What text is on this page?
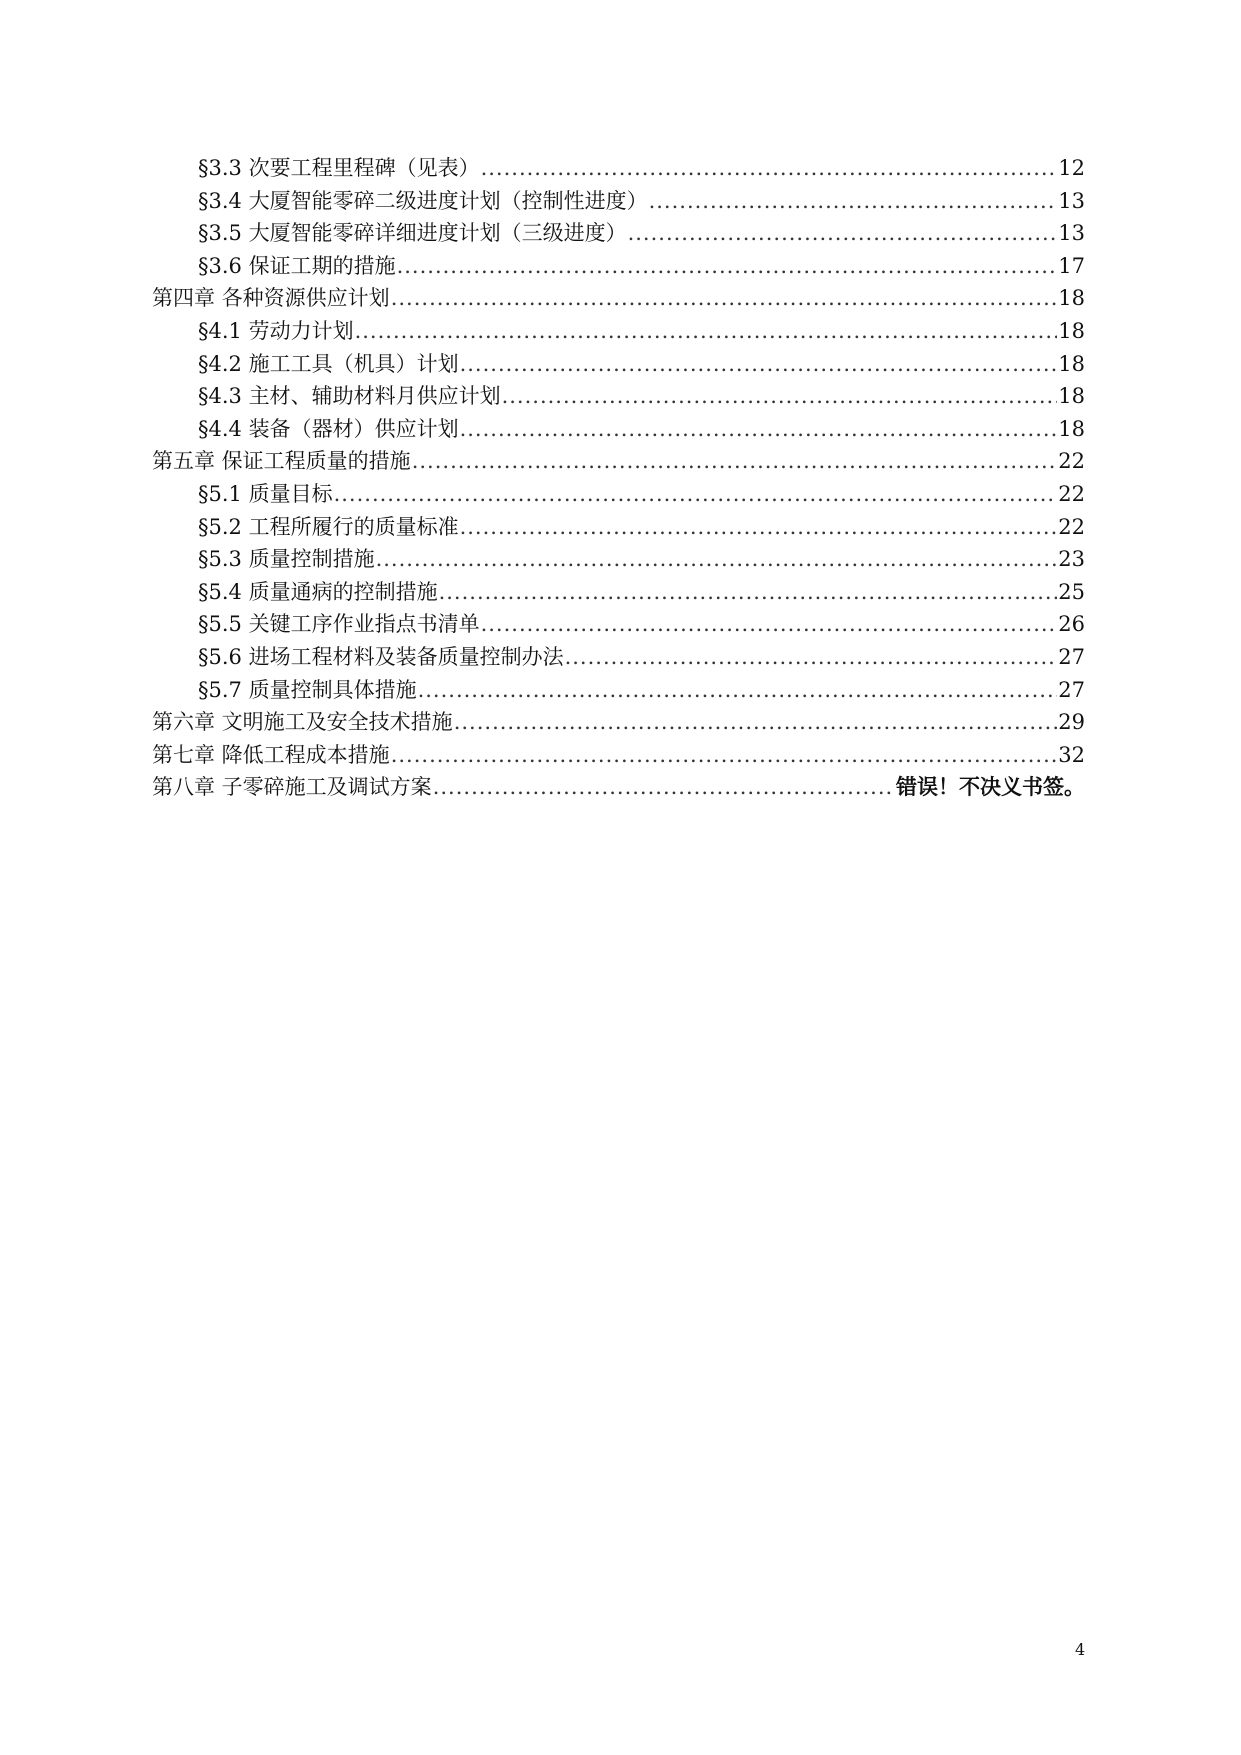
§3.3 次要工程里程碑（见表） .....	12
§3.4 大厦智能零碎二级进度计划（控制性进度） .....	13
§3.5 大厦智能零碎详细进度计划（三级进度） .....	13
§3.6 保证工期的措施 .....	17
第四章 各种资源供应计划 .....	18
§4.1 劳动力计划 .....	18
§4.2 施工工具（机具）计划 .....	18
§4.3 主材、辅助材料月供应计划 .....	18
§4.4 装备（器材）供应计划 .....	18
第五章 保证工程质量的措施 .....	22
§5.1 质量目标 .....	22
§5.2 工程所履行的质量标准 .....	22
§5.3 质量控制措施 .....	23
§5.4 质量通病的控制措施 .....	25
§5.5 关键工序作业指点书清单 .....	26
§5.6 进场工程材料及装备质量控制办法 .....	27
§5.7 质量控制具体措施 .....	27
第六章 文明施工及安全技术措施 .....	29
第七章 降低工程成本措施 .....	32
第八章 子零碎施工及调试方案 .....	错误！不决义书签。
4
